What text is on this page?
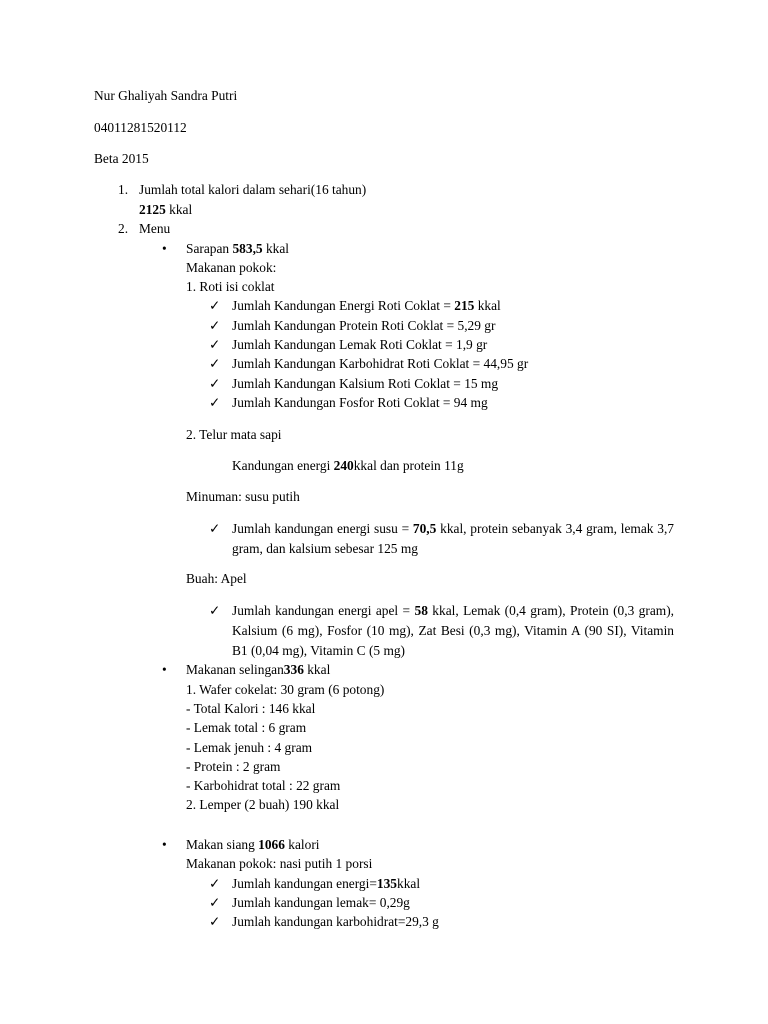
Nur Ghaliyah Sandra Putri
04011281520112
Beta 2015
1. Jumlah total kalori dalam sehari(16 tahun)
2125 kkal
2. Menu
• Sarapan 583,5 kkal
Makanan pokok:
1. Roti isi coklat
✓ Jumlah Kandungan Energi Roti Coklat = 215 kkal
✓ Jumlah Kandungan Protein Roti Coklat = 5,29 gr
✓ Jumlah Kandungan Lemak Roti Coklat = 1,9 gr
✓ Jumlah Kandungan Karbohidrat Roti Coklat = 44,95 gr
✓ Jumlah Kandungan Kalsium Roti Coklat = 15 mg
✓ Jumlah Kandungan Fosfor Roti Coklat = 94 mg
2. Telur mata sapi
Kandungan energi 240kkal dan protein 11g
Minuman: susu putih
✓ Jumlah kandungan energi susu = 70,5 kkal, protein sebanyak 3,4 gram, lemak 3,7 gram, dan kalsium sebesar 125 mg
Buah: Apel
✓ Jumlah kandungan energi apel = 58 kkal, Lemak (0,4 gram), Protein (0,3 gram), Kalsium (6 mg), Fosfor (10 mg), Zat Besi (0,3 mg), Vitamin A (90 SI), Vitamin B1 (0,04 mg), Vitamin C (5 mg)
• Makanan selingan336 kkal
1. Wafer cokelat: 30 gram (6 potong)
- Total Kalori : 146 kkal
- Lemak total : 6 gram
- Lemak jenuh : 4 gram
- Protein : 2 gram
- Karbohidrat total : 22 gram
2. Lemper (2 buah) 190 kkal
• Makan siang 1066 kalori
Makanan pokok: nasi putih 1 porsi
✓ Jumlah kandungan energi=135kkal
✓ Jumlah kandungan lemak= 0,29g
✓ Jumlah kandungan karbohidrat=29,3 g
